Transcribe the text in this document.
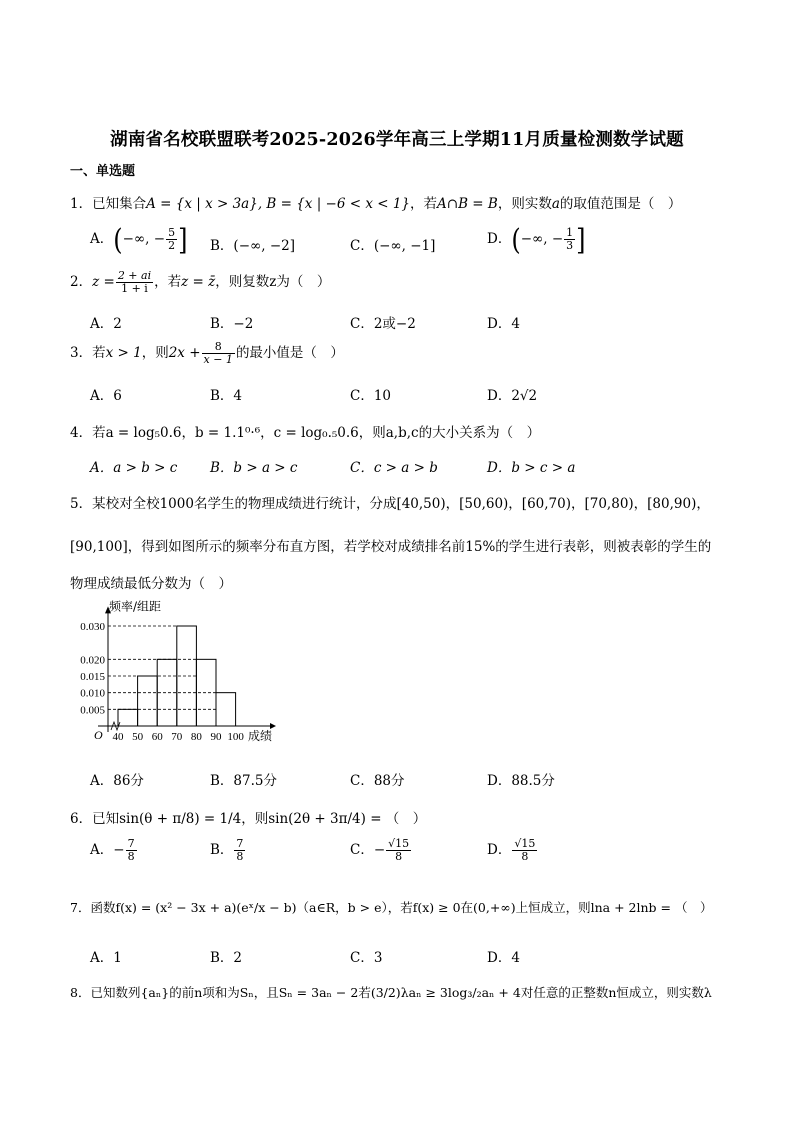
湖南省名校联盟联考2025-2026学年高三上学期11月质量检测数学试题
一、单选题
1．已知集合A = {x | x > 3a}, B = {x | −6 < x < 1}，若A∩B = B，则实数a的取值范围是（　）
A．(−∞, − $\frac{5}{2}$ ] B．(−∞, −2]	C．(−∞, −1]	D．(−∞, − $\frac{1}{3}$ ]
2．$z = \frac{2 + ai}{1 + i}$ ，若z = z̄，则复数z为（　）
A．2	B．−2	C．2或−2	D．4
3．若x > 1，则$2x + \frac{8}{x - 1}$ 的最小值是（　）
A．6	B．4	C．10	D．2√2
4．若a = log₅0.6，b = 1.1⁰·⁶，c = log₀.₅0.6，则a,b,c的大小关系为（　）
A．a > b > c B．b > a > c	C．c > a > b	D．b > c > a
5．某校对全校1000名学生的物理成绩进行统计，分成[40,50)，[50,60)，[60,70)，[70,80)，[80,90)，
[90,100]，得到如图所示的频率分布直方图，若学校对成绩排名前15%的学生进行表彰，则被表彰的学生的
物理成绩最低分数为（　）
0.030
0.020
0.015
0.010
0.005
40 50 60 70 80 90 100
O
频率/组距
成绩
A．86分	B．87.5分	C．88分	D．88.5分
6．已知sin(θ + π/8) = 1/4，则sin(2θ + 3π/4) = （　）
A．− $\frac{7}{8}$	B． $\frac{7}{8}$	C．− $\frac{√15}{8}$	D． $\frac{√15}{8}$
7．函数f(x) = (x² − 3x + a)(eˣ/x − b)（a∈R，b > e），若f(x) ≥ 0在(0,+∞)上恒成立，则lna + 2lnb = （　）
A．1	B．2	C．3	D．4
8．已知数列{aₙ}的前n项和为Sₙ，且Sₙ = 3aₙ − 2若(3/2)λaₙ ≥ 3log₃/₂aₙ + 4对任意的正整数n恒成立，则实数λ
